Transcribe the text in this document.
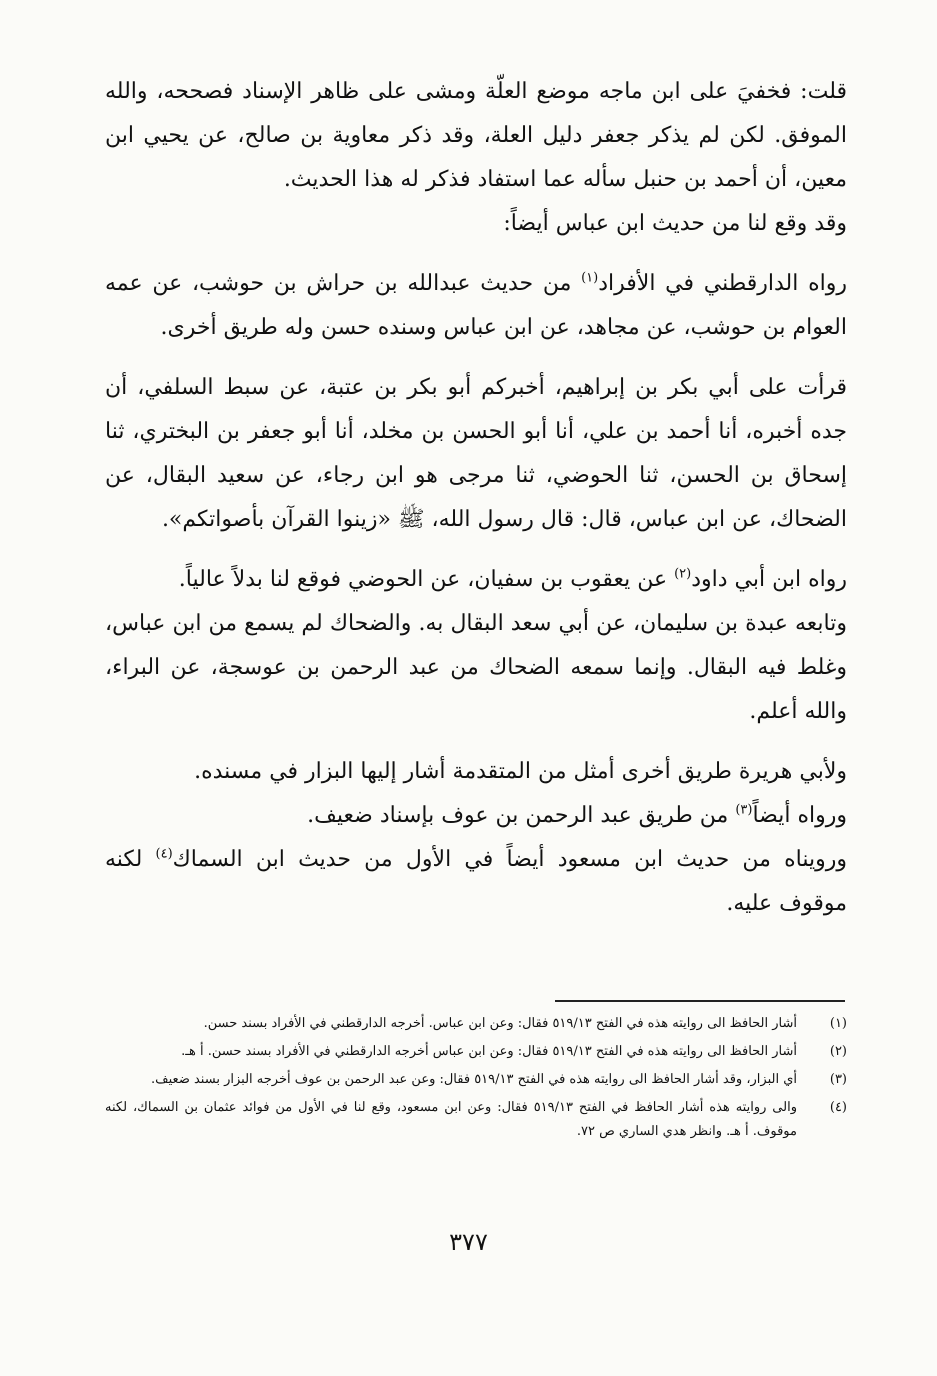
قلت: فخفيَ على ابن ماجه موضع العلّة ومشى على ظاهر الإسناد فصححه، والله الموفق. لكن لم يذكر جعفر دليل العلة، وقد ذكر معاوية بن صالح، عن يحيي ابن معين، أن أحمد بن حنبل سأله عما استفاد فذكر له هذا الحديث.

وقد وقع لنا من حديث ابن عباس أيضاً:

رواه الدارقطني في الأفراد$^{(١)}$ من حديث عبدالله بن حراش بن حوشب، عن عمه العوام بن حوشب، عن مجاهد، عن ابن عباس وسنده حسن وله طريق أخرى.

قرأت على أبي بكر بن إبراهيم، أخبركم أبو بكر بن عتبة، عن سبط السلفي، أن جده أخبره، أنا أحمد بن علي، أنا أبو الحسن بن مخلد، أنا أبو جعفر بن البختري، ثنا إسحاق بن الحسن، ثنا الحوضي، ثنا مرجى هو ابن رجاء، عن سعيد البقال، عن الضحاك، عن ابن عباس، قال: قال رسول الله، ﷺ «زينوا القرآن بأصواتكم».

رواه ابن أبي داود$^{(٢)}$ عن يعقوب بن سفيان، عن الحوضي فوقع لنا بدلاً عالياً.

وتابعه عبدة بن سليمان، عن أبي سعد البقال به. والضحاك لم يسمع من ابن عباس، وغلط فيه البقال. وإنما سمعه الضحاك من عبد الرحمن بن عوسجة، عن البراء، والله أعلم.

ولأبي هريرة طريق أخرى أمثل من المتقدمة أشار إليها البزار في مسنده.

ورواه أيضاً$^{(٣)}$ من طريق عبد الرحمن بن عوف بإسناد ضعيف.

ورويناه من حديث ابن مسعود أيضاً في الأول من حديث ابن السماك$^{(٤)}$ لكنه موقوف عليه.

(١)
أشار الحافظ الى روايته هذه في الفتح ٥١٩/١٣ فقال: وعن ابن عباس. أخرجه الدارقطني في الأفراد بسند حسن.
(٢)
أشار الحافظ الى روايته هذه في الفتح ٥١٩/١٣ فقال: وعن ابن عباس أخرجه الدارقطني في الأفراد بسند حسن. أ هـ.
(٣)
أي البزار، وقد أشار الحافظ الى روايته هذه في الفتح ٥١٩/١٣ فقال: وعن عبد الرحمن بن عوف أخرجه البزار بسند ضعيف.
(٤)
والى روايته هذه أشار الحافظ في الفتح ٥١٩/١٣ فقال: وعن ابن مسعود، وقع لنا في الأول من فوائد عثمان بن السماك، لكنه موقوف. أ هـ. وانظر هدي الساري ص ٧٢.
٣٧٧
